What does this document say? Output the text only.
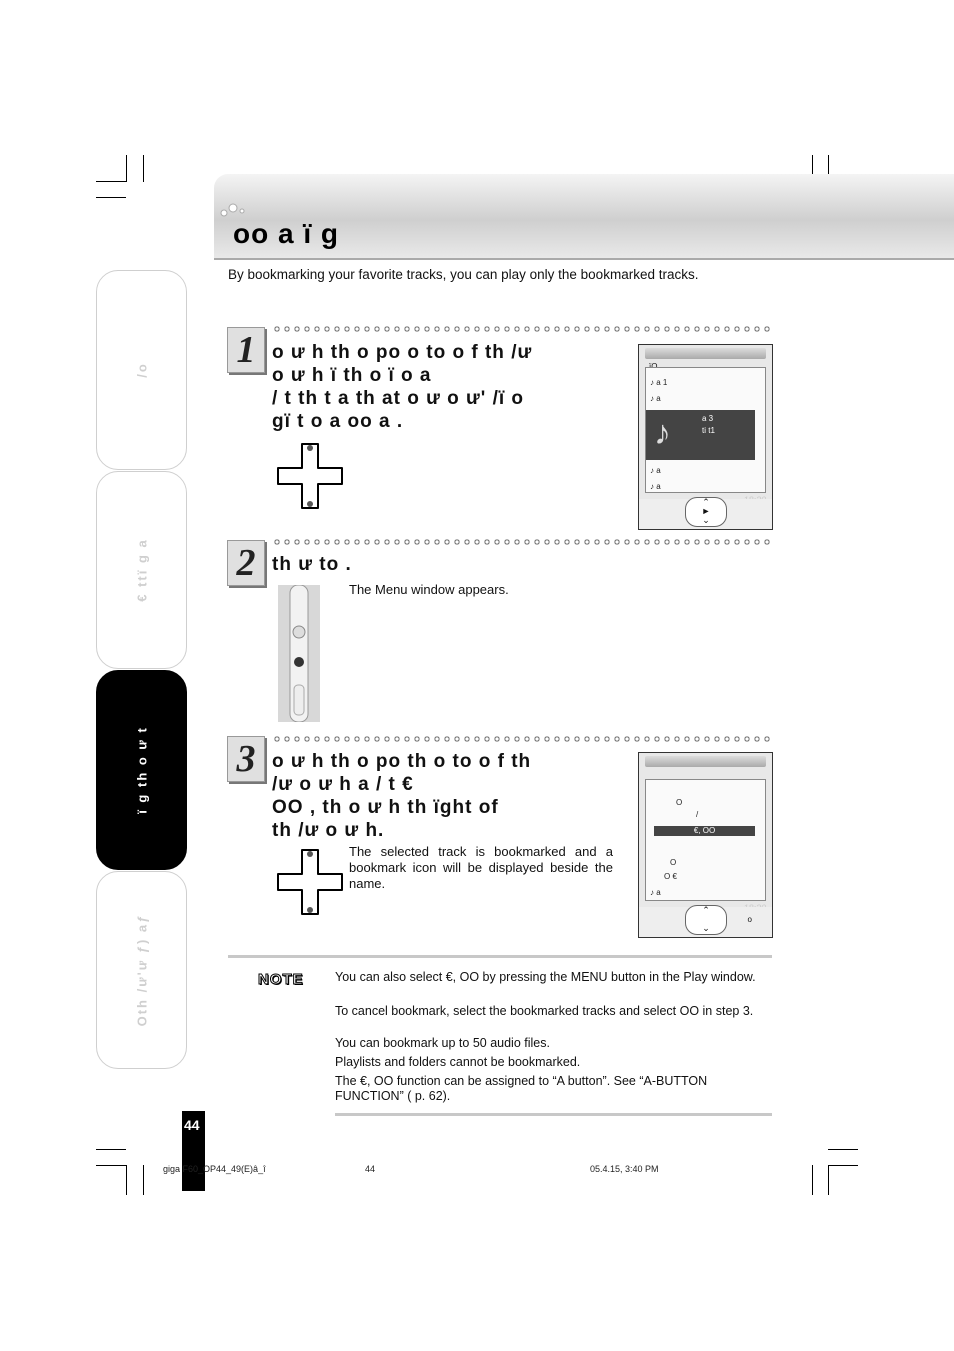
/o
€ ttï g a
ï g th o ư t
Oth /ư'ư ƒ) aƒ
oo a ï g
By bookmarking your favorite tracks, you can play only the bookmarked tracks.
1 o ư h th o po o to o f th /ư
o ư h ï th o ï o a
/ t th t a th at o ư o ư' /ï o
gï t o a oo a .
♪ a 1
♪ a
♪	a 3
ti t1
♪ a
♪ a
⌃
►
⌄
2 th ư to .
The Menu window appears.
3 o ư h th o po th o to o f th
/ư o ư h a / t €
OO , th o ư h th ïght of
th /ư o ư h.
The selected track is bookmarked and a bookmark icon will be displayed beside the name.
O
/
€, OO
O
O €
♪ a
⌃

⌄
o
NOTE	You can also select €, OO by pressing the MENU button in the Play window.
To cancel bookmark, select the bookmarked tracks and select OO in step 3.
You can bookmark up to 50 audio files.
Playlists and folders cannot be bookmarked.
The €, OO function can be assigned to “A button”. See “A-BUTTON FUNCTION” ( p. 62).
44
giga F60_OP44_49(E)â_î	44	05.4.15, 3:40 PM
